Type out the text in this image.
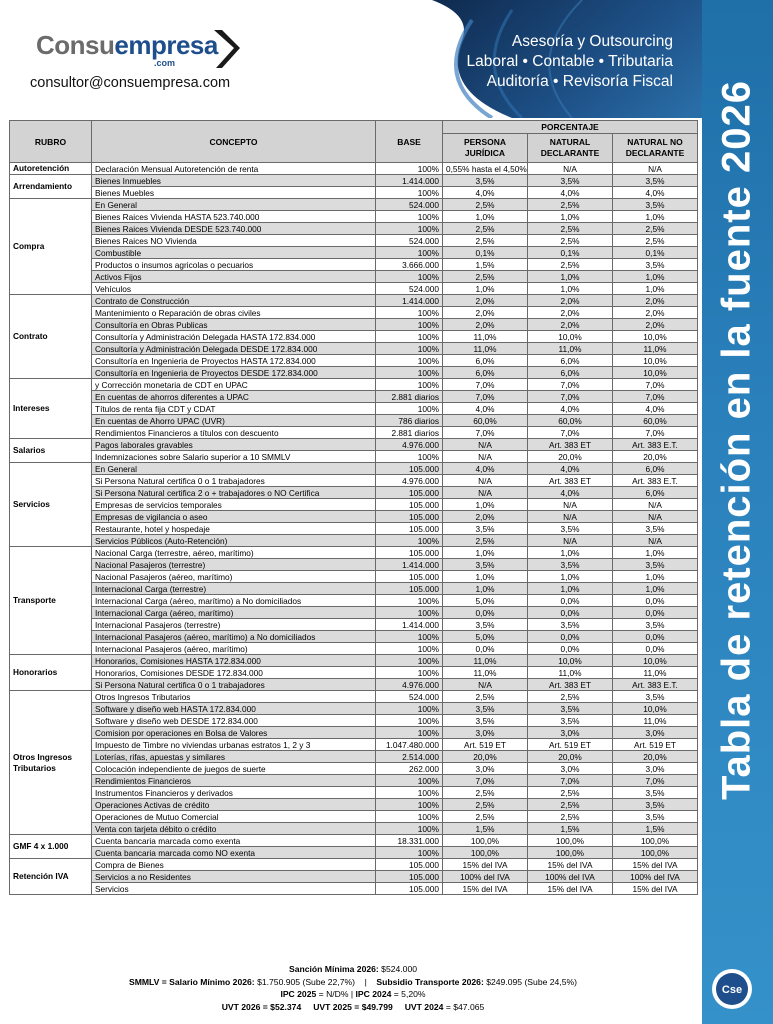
Consuempresa
.com
consultor@consuempresa.com
Asesoría y Outsourcing
Laboral • Contable • Tributaria
Auditoría • Revisoría Fiscal Tabla de retención en la fuente 2026
Cse
RUBRO	CONCEPTO	BASE	PORCENTAJE		
			PERSONA JURÍDICA	NATURAL DECLARANTE	NATURAL NO DECLARANTE
Autoretención	Declaración Mensual Autoretención de renta	100%	0,55% hasta el 4,50%	N/A	N/A
Arrendamiento	Bienes Inmuebles	1.414.000	3,5%	3,5%	3,5%
	Bienes Muebles	100%	4,0%	4,0%	4,0%
Compra	En General	524.000	2,5%	2,5%	3,5%
	Bienes Raices Vivienda HASTA 523.740.000	100%	1,0%	1,0%	1,0%
	Bienes Raices Vivienda DESDE 523.740.000	100%	2,5%	2,5%	2,5%
	Bienes Raices NO Vivienda	524.000	2,5%	2,5%	2,5%
	Combustible	100%	0,1%	0,1%	0,1%
	Productos o insumos agricolas o pecuarios	3.666.000	1,5%	2,5%	3,5%
	Activos Fijos	100%	2,5%	1,0%	1,0%
	Vehículos	524.000	1,0%	1,0%	1,0%
Contrato	Contrato de Construcción	1.414.000	2,0%	2,0%	2,0%
	Mantenimiento o Reparación de obras civiles	100%	2,0%	2,0%	2,0%
	Consultoría en Obras Publicas	100%	2,0%	2,0%	2,0%
	Consultoría y Administración Delegada HASTA 172.834.000	100%	11,0%	10,0%	10,0%
	Consultoría y Administración Delegada DESDE 172.834.000	100%	11,0%	11,0%	11,0%
	Consultoría en Ingenieria de Proyectos HASTA 172.834.000	100%	6,0%	6,0%	10,0%
	Consultoría en Ingenieria de Proyectos DESDE 172.834.000	100%	6,0%	6,0%	10,0%
Intereses	y Corrección monetaria de CDT en UPAC	100%	7,0%	7,0%	7,0%
	En cuentas de ahorros diferentes a UPAC	2.881 diarios	7,0%	7,0%	7,0%
	Títulos de renta fija CDT y CDAT	100%	4,0%	4,0%	4,0%
	En cuentas de Ahorro UPAC (UVR)	786 diarios	60,0%	60,0%	60,0%
	Rendimientos Financieros a títulos con descuento	2.881 diarios	7,0%	7,0%	7,0%
Salarios	Pagos laborales gravables	4.976.000	N/A	Art. 383 ET	Art. 383 E.T.
	Indemnizaciones sobre Salario superior a 10 SMMLV	100%	N/A	20,0%	20,0%
Servicios	En General	105.000	4,0%	4,0%	6,0%
	Si Persona Natural certifica 0 o 1 trabajadores	4.976.000	N/A	Art. 383 ET	Art. 383 E.T.
	Si Persona Natural certifica 2 o + trabajadores o NO Certifica	105.000	N/A	4,0%	6,0%
	Empresas de servicios temporales	105.000	1,0%	N/A	N/A
	Empresas de vigilancia o aseo	105.000	2,0%	N/A	N/A
	Restaurante, hotel y hospedaje	105.000	3,5%	3,5%	3,5%
	Servicios Públicos (Auto-Retención)	100%	2,5%	N/A	N/A
Transporte	Nacional Carga (terrestre, aéreo, marítimo)	105.000	1,0%	1,0%	1,0%
	Nacional Pasajeros (terrestre)	1.414.000	3,5%	3,5%	3,5%
	Nacional Pasajeros (aéreo, marítimo)	105.000	1,0%	1,0%	1,0%
	Internacional Carga (terrestre)	105.000	1,0%	1,0%	1,0%
	Internacional Carga (aéreo, marítimo) a No domiciliados	100%	5,0%	0,0%	0,0%
	Internacional Carga (aéreo, marítimo)	100%	0,0%	0,0%	0,0%
	Internacional Pasajeros (terrestre)	1.414.000	3,5%	3,5%	3,5%
	Internacional Pasajeros (aéreo, marítimo) a No domiciliados	100%	5,0%	0,0%	0,0%
	Internacional Pasajeros (aéreo, marítimo)	100%	0,0%	0,0%	0,0%
Honorarios	Honorarios, Comisiones HASTA 172.834.000	100%	11,0%	10,0%	10,0%
	Honorarios, Comisiones DESDE 172.834.000	100%	11,0%	11,0%	11,0%
	Si Persona Natural certifica 0 o 1 trabajadores	4.976.000	N/A	Art. 383 ET	Art. 383 E.T.
Otros Ingresos Tributarios	Otros Ingresos Tributarios	524.000	2,5%	2,5%	3,5%
	Software y diseño web HASTA 172.834.000	100%	3,5%	3,5%	10,0%
	Software y diseño web DESDE 172.834.000	100%	3,5%	3,5%	11,0%
	Comision por operaciones en Bolsa de Valores	100%	3,0%	3,0%	3,0%
	Impuesto de Timbre no viviendas urbanas estratos 1, 2 y 3	1.047.480.000	Art. 519 ET	Art. 519 ET	Art. 519 ET
	Loterías, rifas, apuestas y similares	2.514.000	20,0%	20,0%	20,0%
	Colocación independiente de juegos de suerte	262.000	3,0%	3,0%	3,0%
	Rendimientos Financieros	100%	7,0%	7,0%	7,0%
	Instrumentos Financieros y derivados	100%	2,5%	2,5%	3,5%
	Operaciones Activas de crédito	100%	2,5%	2,5%	3,5%
	Operaciones de Mutuo Comercial	100%	2,5%	2,5%	3,5%
	Venta con tarjeta débito o crédito	100%	1,5%	1,5%	1,5%
GMF 4 x 1.000	Cuenta bancaria marcada como exenta	18.331.000	100,0%	100,0%	100,0%
	Cuenta bancaria marcada como NO exenta	100%	100,0%	100,0%	100,0%
Retención IVA	Compra de Bienes	105.000	15% del IVA	15% del IVA	15% del IVA
	Servicios a no Residentes	105.000	100% del IVA	100% del IVA	100% del IVA
	Servicios	105.000	15% del IVA	15% del IVA	15% del IVA
Sanción Mínima 2026: $524.000
SMMLV = Salario Mínimo 2026: $1.750.905 (Sube 22,7%) | Subsidio Transporte 2026: $249.095 (Sube 24,5%)
IPC 2025 = N/D% | IPC 2024 = 5,20%
UVT 2026 = $52.374 UVT 2025 = $49.799 UVT 2024 = $47.065
